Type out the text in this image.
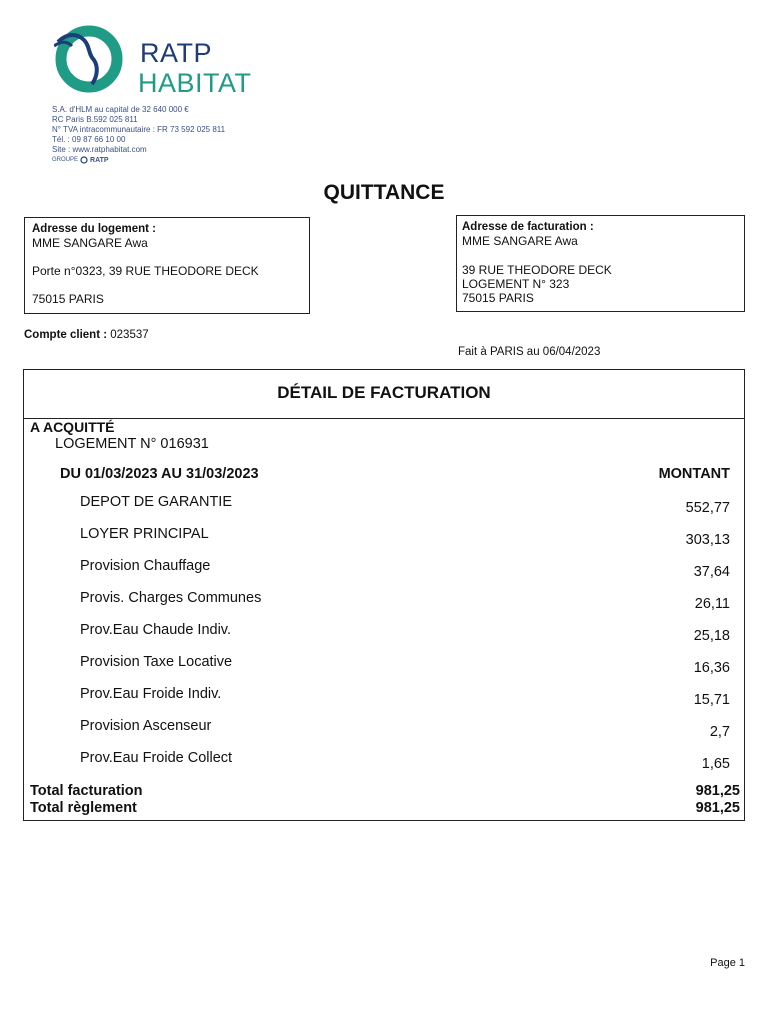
RATP
HABITAT
S.A. d'HLM au capital de 32 640 000 €
RC Paris B.592 025 811
N° TVA intracommunautaire : FR 73 592 025 811
Tél. : 09 87 66 10 00
Site : www.ratphabitat.com
GROUPE RATP
QUITTANCE
Adresse du logement :
MME SANGARE Awa
Porte n°0323, 39 RUE THEODORE DECK
75015 PARIS
Adresse de facturation :
MME SANGARE Awa
39 RUE THEODORE DECK
LOGEMENT N° 323
75015 PARIS
Compte client : 023537
Fait à PARIS au 06/04/2023
DÉTAIL DE FACTURATION
A ACQUITTÉ
LOGEMENT N° 016931
DU 01/03/2023 AU 31/03/2023	MONTANT
DEPOT DE GARANTIE	552,77
LOYER PRINCIPAL	303,13
Provision Chauffage	37,64
Provis. Charges Communes	26,11
Prov.Eau Chaude Indiv.	25,18
Provision Taxe Locative	16,36
Prov.Eau Froide Indiv.	15,71
Provision Ascenseur	2,7
Prov.Eau Froide Collect	1,65
Total facturation	981,25
Total règlement	981,25
Page 1
